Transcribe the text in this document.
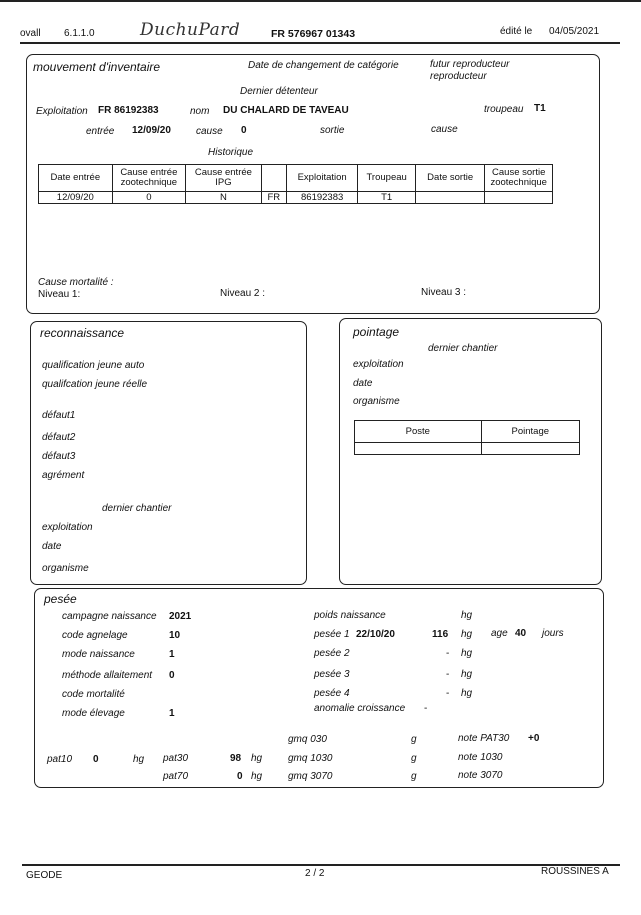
ovall 6.1.1.0	DuchuPard	FR 576967 01343	édité le 04/05/2021
mouvement d'inventaire	Date de changement de catégorie	futur reproducteur
reproducteur
Dernier détenteur
Exploitation FR 86192383	nom DU CHALARD DE TAVEAU	troupeau T1
entrée 12/09/20	cause 0	sortie	cause
Historique
Date entrée	Cause entrée zootechnique	Cause entrée IPG		Exploitation	Troupeau	Date sortie	Cause sortie zootechnique
12/09/20	0	N	FR	86192383	T1		
Cause mortalité :
Niveau 1:	Niveau 2 :	Niveau 3 :
reconnaissance
qualification jeune auto
qualifcation jeune réelle
défaut1
défaut2
défaut3
agrément
dernier chantier
exploitation
date
organisme
pointage
dernier chantier
exploitation
date
organisme
Poste	Pointage

pesée
campagne naissance 2021
code agnelage	10
mode naissance	1
méthode allaitement 0
code mortalité
mode élevage	1
poids naissance	hg
pesée 1 22/10/20	116 hg age 40 jours
pesée 2	- hg
pesée 3	- hg
pesée 4	- hg
anomalie croissance -
gmq 030	g	note PAT30 +0
pat10 0	hg pat30	98 hg	gmq 1030	g	note 1030
pat70	0 hg	gmq 3070	g	note 3070
GEODE	2 / 2	ROUSSINES A
